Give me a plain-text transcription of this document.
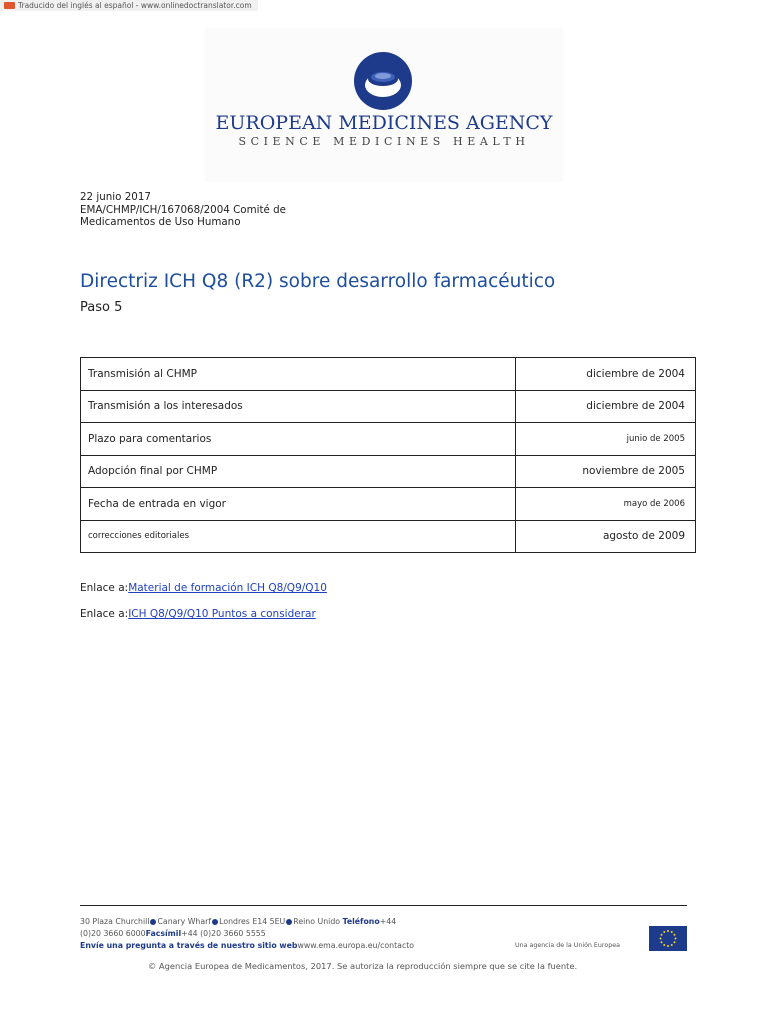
Traducido del inglés al español - www.onlinedoctranslator.com
EUROPEAN MEDICINES AGENCY
SCIENCE MEDICINES HEALTH
22 junio 2017
EMA/CHMP/ICH/167068/2004 Comité de
Medicamentos de Uso Humano
Directriz ICH Q8 (R2) sobre desarrollo farmacéutico
Paso 5
Transmisión al CHMP	diciembre de 2004
Transmisión a los interesados	diciembre de 2004
Plazo para comentarios	junio de 2005
Adopción final por CHMP	noviembre de 2005
Fecha de entrada en vigor	mayo de 2006
correcciones editoriales	agosto de 2009
Enlace a:Material de formación ICH Q8/Q9/Q10
Enlace a:ICH Q8/Q9/Q10 Puntos a considerar
30 Plaza Churchill Canary Wharf Londres E14 5EU Reino Unido Teléfono+44
(0)20 3660 6000Facsímil+44 (0)20 3660 5555
Envíe una pregunta a través de nuestro sitio webwww.ema.europa.eu/contacto	Una agencia de la Unión Europea
© Agencia Europea de Medicamentos, 2017. Se autoriza la reproducción siempre que se cite la fuente.
